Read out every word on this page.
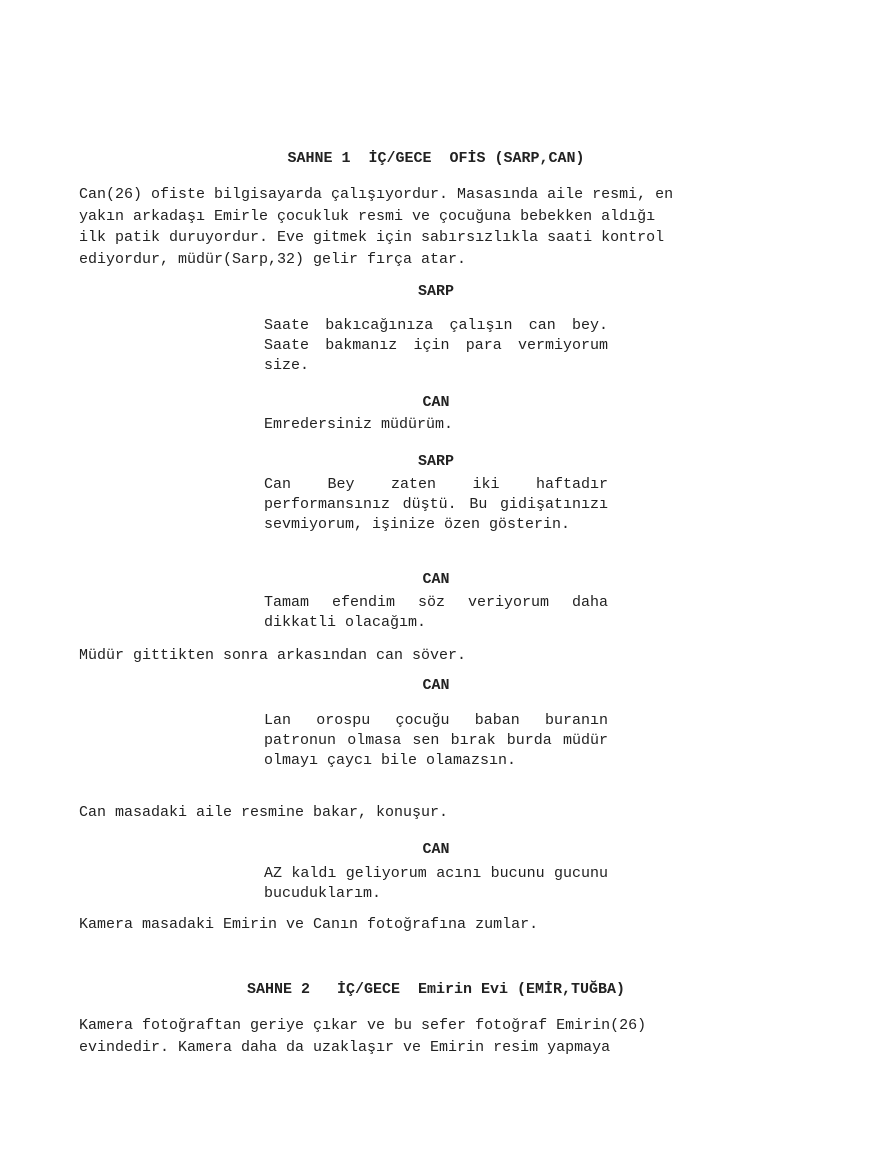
SAHNE 1  İÇ/GECE  OFİS (SARP,CAN)
Can(26) ofiste bilgisayarda çalışıyordur. Masasında aile resmi, en
yakın arkadaşı Emirle çocukluk resmi ve çocuğuna bebekken aldığı
ilk patik duruyordur. Eve gitmek için sabırsızlıkla saati kontrol
ediyordur, müdür(Sarp,32) gelir fırça atar.
SARP
Saate bakıcağınıza çalışın can bey. Saate bakmanız için para vermiyorum size.
CAN
Emredersiniz müdürüm.
SARP
Can Bey zaten iki haftadır performansınız düştü. Bu gidişatınızı sevmiyorum, işinize özen gösterin.
CAN
Tamam efendim söz veriyorum daha dikkatli olacağım.
Müdür gittikten sonra arkasından can söver.
CAN
Lan orospu çocuğu baban buranın patronun olmasa sen bırak burda müdür olmayı çaycı bile olamazsın.
Can masadaki aile resmine bakar, konuşur.
CAN
AZ kaldı geliyorum acını bucunu gucunu bucuduklarım.
Kamera masadaki Emirin ve Canın fotoğrafına zumlar.
SAHNE 2   İÇ/GECE  Emirin Evi (EMİR,TUĞBA)
Kamera fotoğraftan geriye çıkar ve bu sefer fotoğraf Emirin(26)
evindedir. Kamera daha da uzaklaşır ve Emirin resim yapmaya
